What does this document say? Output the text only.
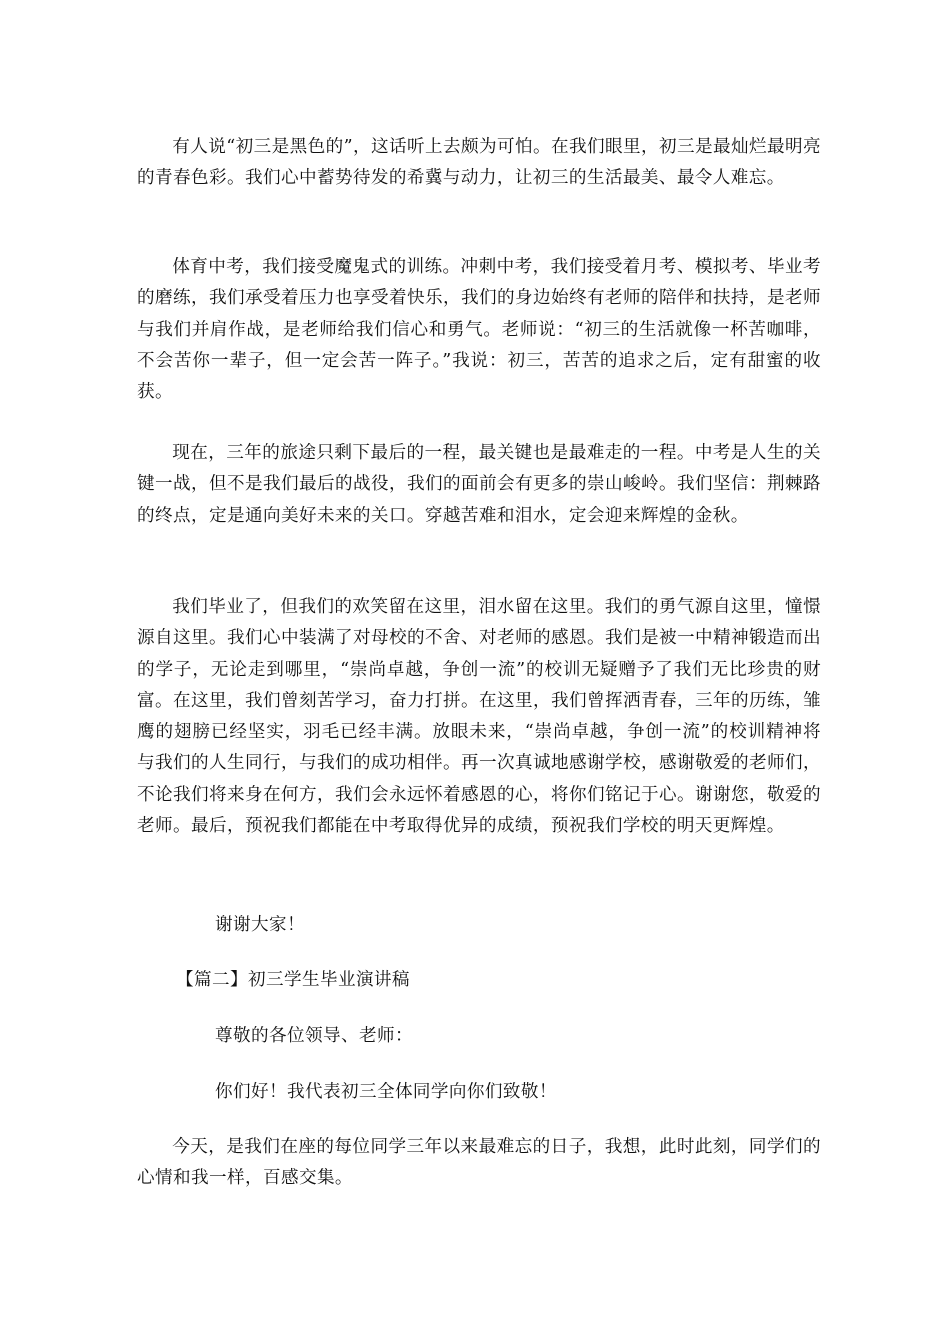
有人说“初三是黑色的”，这话听上去颇为可怕。在我们眼里，初三是最灿烂最明亮的青春色彩。我们心中蓄势待发的希冀与动力，让初三的生活最美、最令人难忘。

体育中考，我们接受魔鬼式的训练。冲刺中考，我们接受着月考、模拟考、毕业考的磨练，我们承受着压力也享受着快乐，我们的身边始终有老师的陪伴和扶持，是老师与我们并肩作战，是老师给我们信心和勇气。老师说：“初三的生活就像一杯苦咖啡，不会苦你一辈子，但一定会苦一阵子。”我说：初三，苦苦的追求之后，定有甜蜜的收获。

现在，三年的旅途只剩下最后的一程，最关键也是最难走的一程。中考是人生的关键一战，但不是我们最后的战役，我们的面前会有更多的崇山峻岭。我们坚信：荆棘路的终点，定是通向美好未来的关口。穿越苦难和泪水，定会迎来辉煌的金秋。

我们毕业了，但我们的欢笑留在这里，泪水留在这里。我们的勇气源自这里，憧憬源自这里。我们心中装满了对母校的不舍、对老师的感恩。我们是被一中精神锻造而出的学子，无论走到哪里，“崇尚卓越，争创一流”的校训无疑赠予了我们无比珍贵的财富。在这里，我们曾刻苦学习，奋力打拼。在这里，我们曾挥洒青春，三年的历练，雏鹰的翅膀已经坚实，羽毛已经丰满。放眼未来，“崇尚卓越，争创一流”的校训精神将与我们的人生同行，与我们的成功相伴。再一次真诚地感谢学校，感谢敬爱的老师们，不论我们将来身在何方，我们会永远怀着感恩的心，将你们铭记于心。谢谢您，敬爱的老师。最后，预祝我们都能在中考取得优异的成绩，预祝我们学校的明天更辉煌。

谢谢大家！

【篇二】初三学生毕业演讲稿

尊敬的各位领导、老师：

你们好！我代表初三全体同学向你们致敬！

今天，是我们在座的每位同学三年以来最难忘的日子，我想，此时此刻，同学们的心情和我一样，百感交集。
